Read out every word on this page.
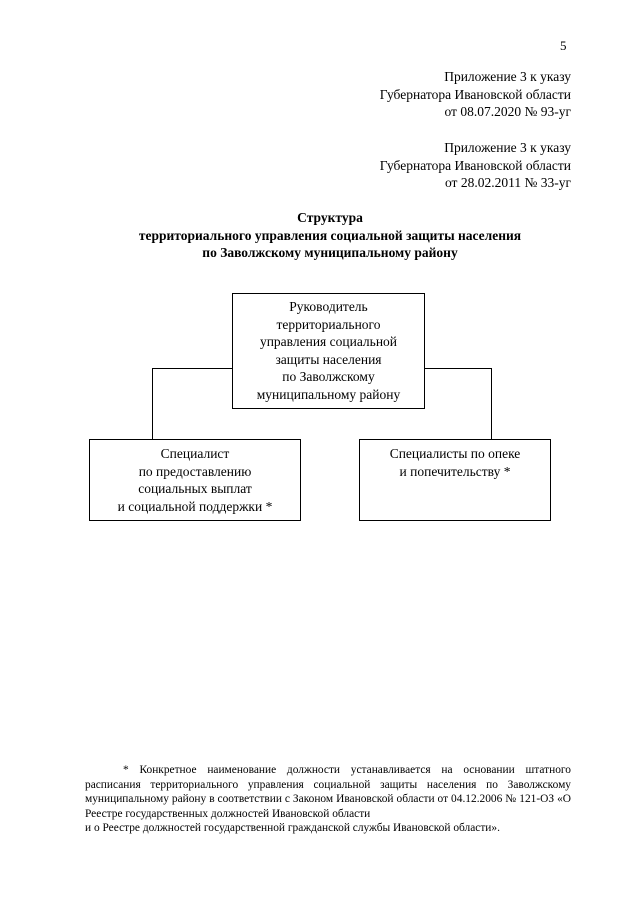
5
Приложение 3 к указу
Губернатора Ивановской области
от 08.07.2020 № 93-уг
Приложение 3 к указу
Губернатора Ивановской области
от 28.02.2011 № 33-уг
Структура
территориального управления социальной защиты населения
по Заволжскому муниципальному району
Руководитель
территориального
управления социальной
защиты населения
по Заволжскому
муниципальному району
Специалист
по предоставлению
социальных выплат
и социальной поддержки *
Специалисты по опеке
и попечительству *

* Конкретное наименование должности устанавливается на основании штатного расписания территориального управления социальной защиты населения по Заволжскому муниципальному району в соответствии с Законом Ивановской области от 04.12.2006 № 121-ОЗ «О Реестре государственных должностей Ивановской области

и о Реестре должностей государственной гражданской службы Ивановской области».
